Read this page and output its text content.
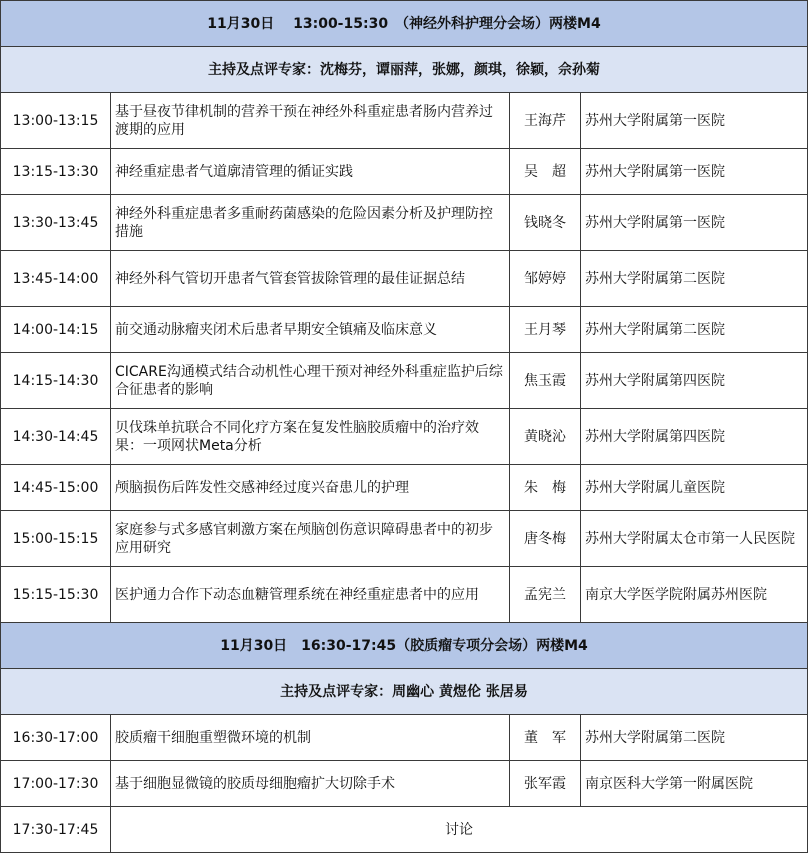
11月30日　 13:00-15:30　（神经外科护理分会场）两楼M4			
主持及点评专家：沈梅芬，谭丽萍，张娜，颜琪，徐颖，佘孙菊			
13:00-13:15	基于昼夜节律机制的营养干预在神经外科重症患者肠内营养过渡期的应用	王海芹	苏州大学附属第一医院
13:15-13:30	神经重症患者气道廓清管理的循证实践	吴　超	苏州大学附属第一医院
13:30-13:45	神经外科重症患者多重耐药菌感染的危险因素分析及护理防控措施	钱晓冬	苏州大学附属第一医院
13:45-14:00	神经外科气管切开患者气管套管拔除管理的最佳证据总结	邹婷婷	苏州大学附属第二医院
14:00-14:15	前交通动脉瘤夹闭术后患者早期安全镇痛及临床意义	王月琴	苏州大学附属第二医院
14:15-14:30	CICARE沟通模式结合动机性心理干预对神经外科重症监护后综合征患者的影响	焦玉霞	苏州大学附属第四医院
14:30-14:45	贝伐珠单抗联合不同化疗方案在复发性脑胶质瘤中的治疗效果：一项网状Meta分析	黄晓沁	苏州大学附属第四医院
14:45-15:00	颅脑损伤后阵发性交感神经过度兴奋患儿的护理	朱　梅	苏州大学附属儿童医院
15:00-15:15	家庭参与式多感官刺激方案在颅脑创伤意识障碍患者中的初步应用研究	唐冬梅	苏州大学附属太仓市第一人民医院
15:15-15:30	医护通力合作下动态血糖管理系统在神经重症患者中的应用	孟宪兰	南京大学医学院附属苏州医院
11月30日　16:30-17:45（胶质瘤专项分会场）两楼M4			
主持及点评专家：周幽心 黄煜伦 张居易			
16:30-17:00	胶质瘤干细胞重塑微环境的机制	董　军	苏州大学附属第二医院
17:00-17:30	基于细胞显微镜的胶质母细胞瘤扩大切除手术	张军霞	南京医科大学第一附属医院
17:30-17:45	讨论		
